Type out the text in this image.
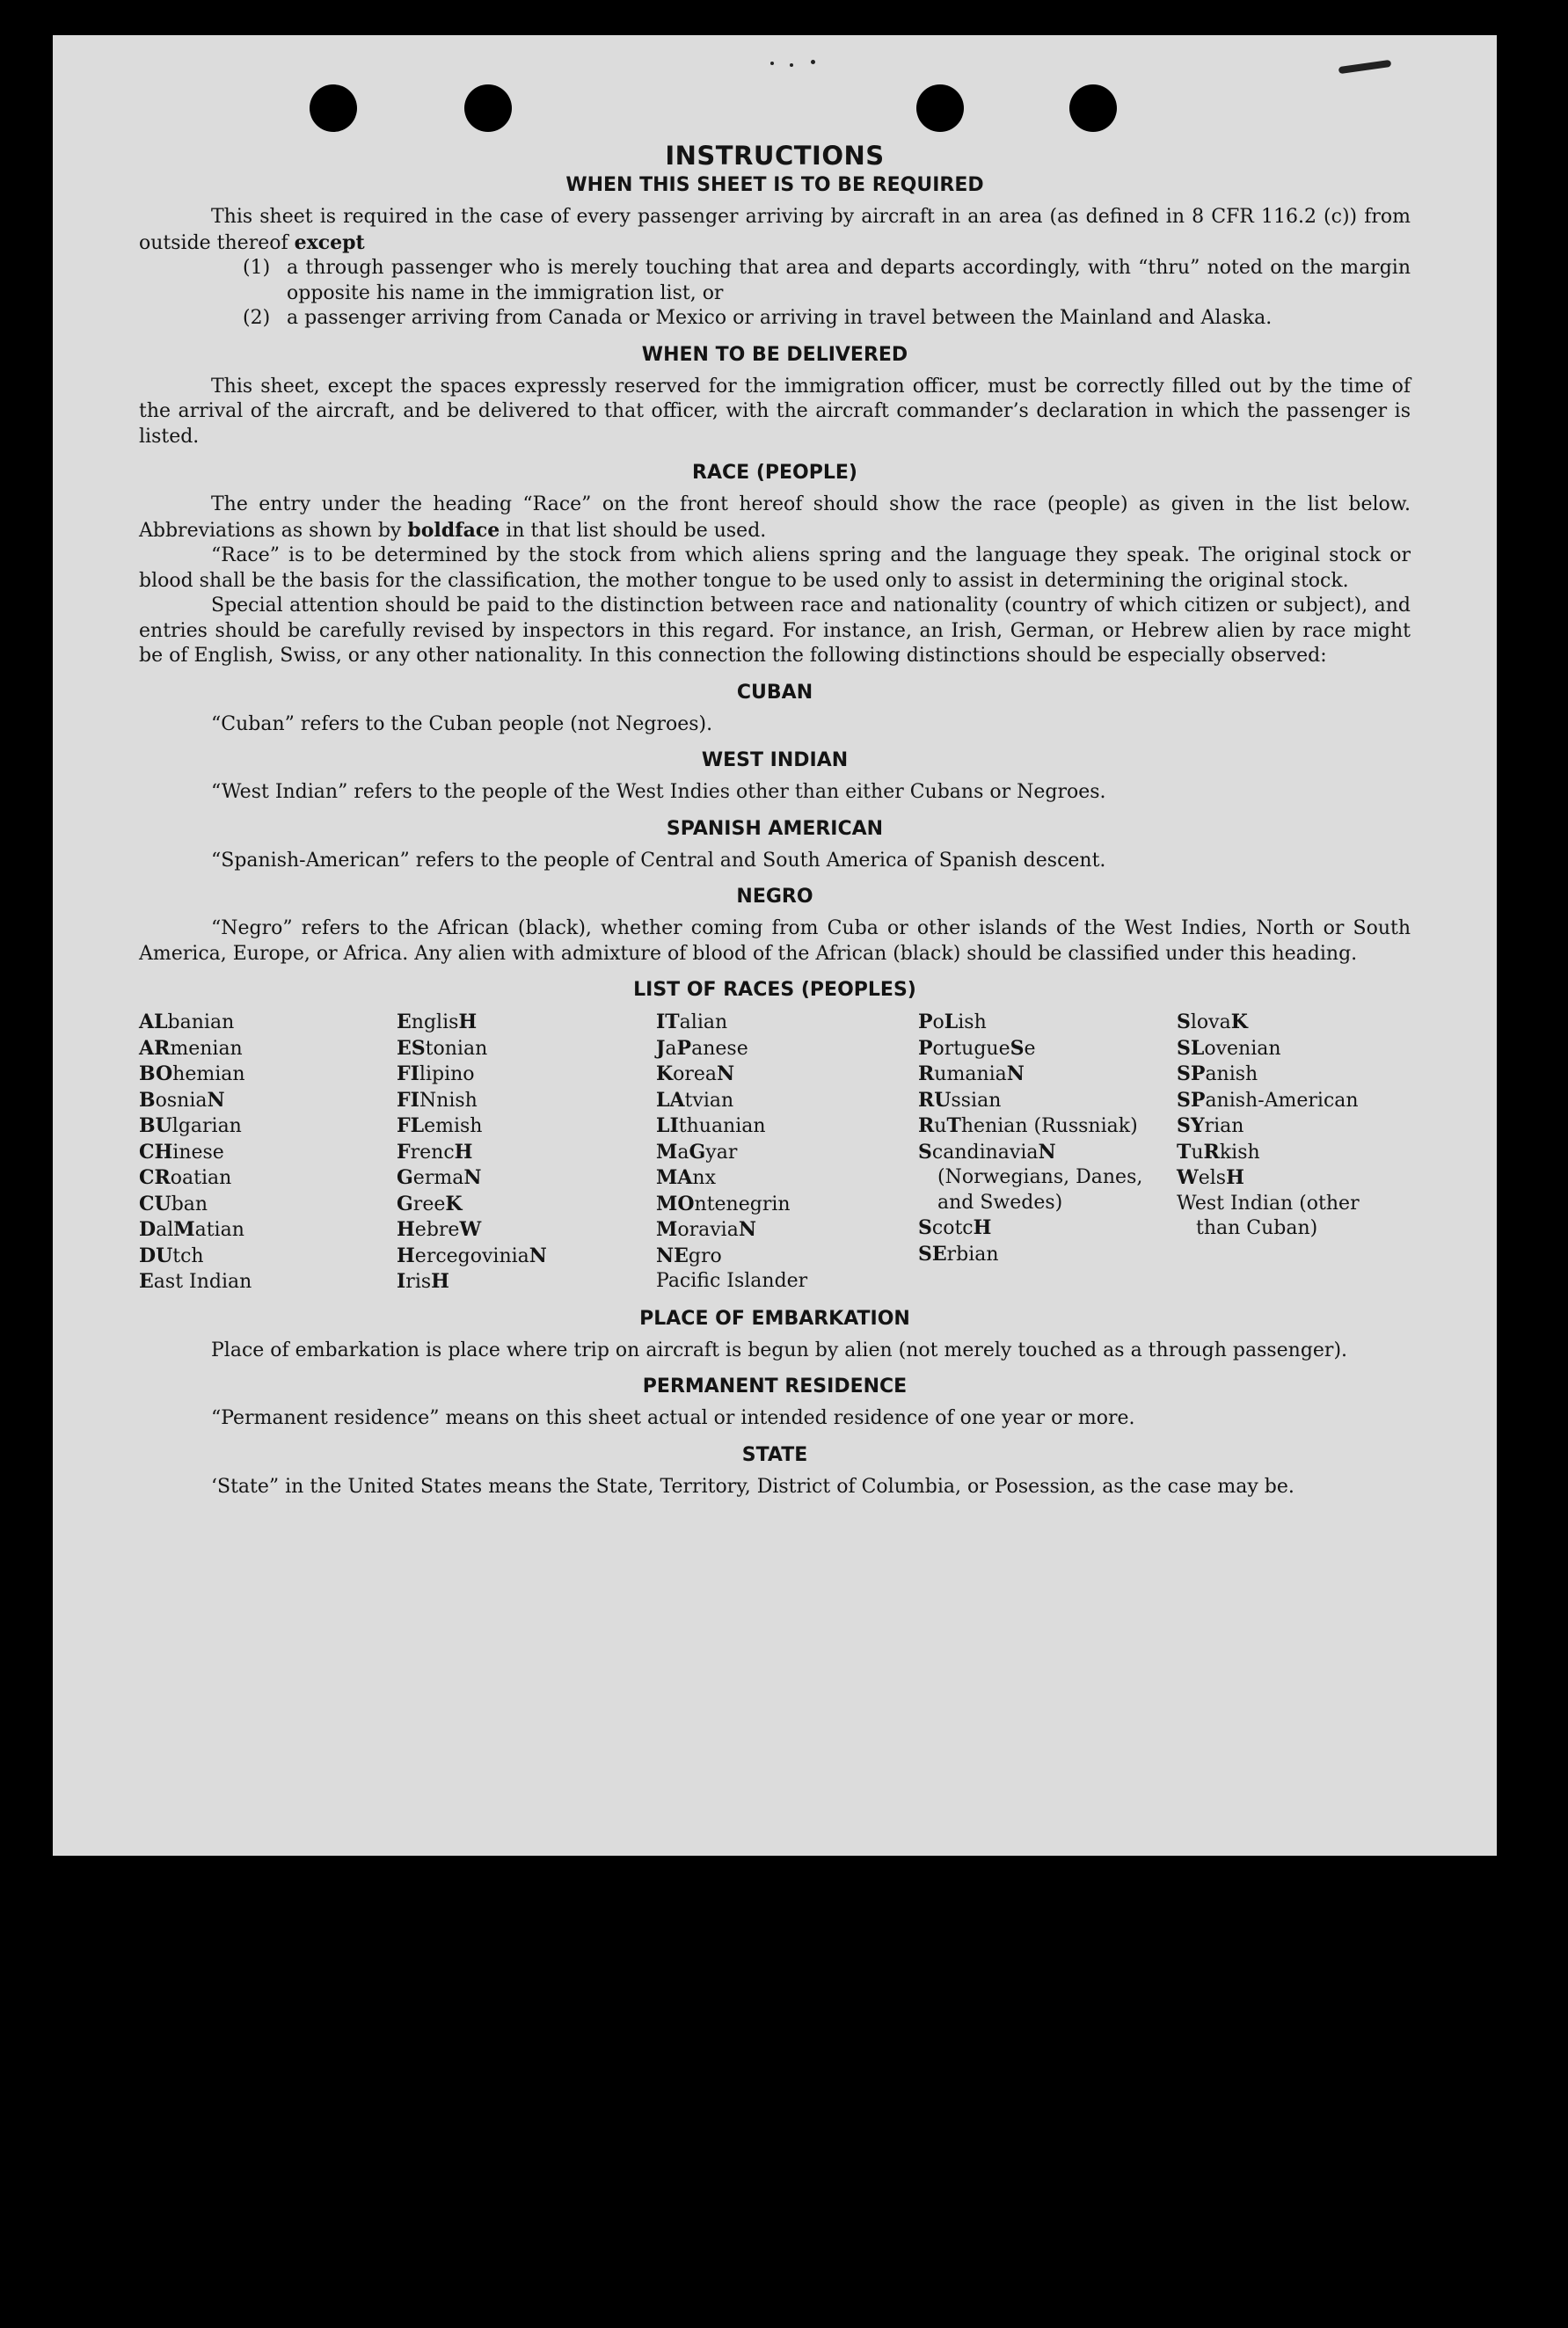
INSTRUCTIONS
WHEN THIS SHEET IS TO BE REQUIRED

This sheet is required in the case of every passenger arriving by aircraft in an area (as defined in 8 CFR 116.2 (c)) from outside thereof except

(1) a through passenger who is merely touching that area and departs accordingly, with “thru” noted on the margin opposite his name in the immigration list, or
(2) a passenger arriving from Canada or Mexico or arriving in travel between the Mainland and Alaska.
WHEN TO BE DELIVERED

This sheet, except the spaces expressly reserved for the immigration officer, must be correctly filled out by the time of the arrival of the aircraft, and be delivered to that officer, with the aircraft commander’s declaration in which the passenger is listed.

RACE (PEOPLE)

The entry under the heading “Race” on the front hereof should show the race (people) as given in the list below. Abbreviations as shown by boldface in that list should be used.

“Race” is to be determined by the stock from which aliens spring and the language they speak. The original stock or blood shall be the basis for the classification, the mother tongue to be used only to assist in determining the original stock.

Special attention should be paid to the distinction between race and nationality (country of which citizen or subject), and entries should be carefully revised by inspectors in this regard. For instance, an Irish, German, or Hebrew alien by race might be of English, Swiss, or any other nationality. In this connection the following distinctions should be especially observed:

CUBAN

“Cuban” refers to the Cuban people (not Negroes).

WEST INDIAN

“West Indian” refers to the people of the West Indies other than either Cubans or Negroes.

SPANISH AMERICAN

“Spanish-American” refers to the people of Central and South America of Spanish descent.

NEGRO

“Negro” refers to the African (black), whether coming from Cuba or other islands of the West Indies, North or South America, Europe, or Africa. Any alien with admixture of blood of the African (black) should be classified under this heading.

LIST OF RACES (PEOPLES)
ALbanian
ARmenian
BOhemian
BosniaN
BUlgarian
CHinese
CRoatian
CUban
DalMatian
DUtch
East Indian
EnglisH
EStonian
FIlipino
FINnish
FLemish
FrencH
GermaN
GreeK
HebreW
HercegoviniaN
IrisH
ITalian
JaPanese
KoreaN
LAtvian
LIthuanian
MaGyar
MAnx
MOntenegrin
MoraviaN
NEgro
Pacific Islander
PoLish
PortugueSe
RumaniaN
RUssian
RuThenian (Russniak)
ScandinaviaN (Norwegians, Danes, and Swedes)
ScotcH
SErbian
SlovaK
SLovenian
SPanish
SPanish-American
SYrian
TuRkish
WelsH
West Indian (other than Cuban)
PLACE OF EMBARKATION

Place of embarkation is place where trip on aircraft is begun by alien (not merely touched as a through passenger).

PERMANENT RESIDENCE

“Permanent residence” means on this sheet actual or intended residence of one year or more.

STATE

‘State” in the United States means the State, Territory, District of Columbia, or Posession, as the case may be.
